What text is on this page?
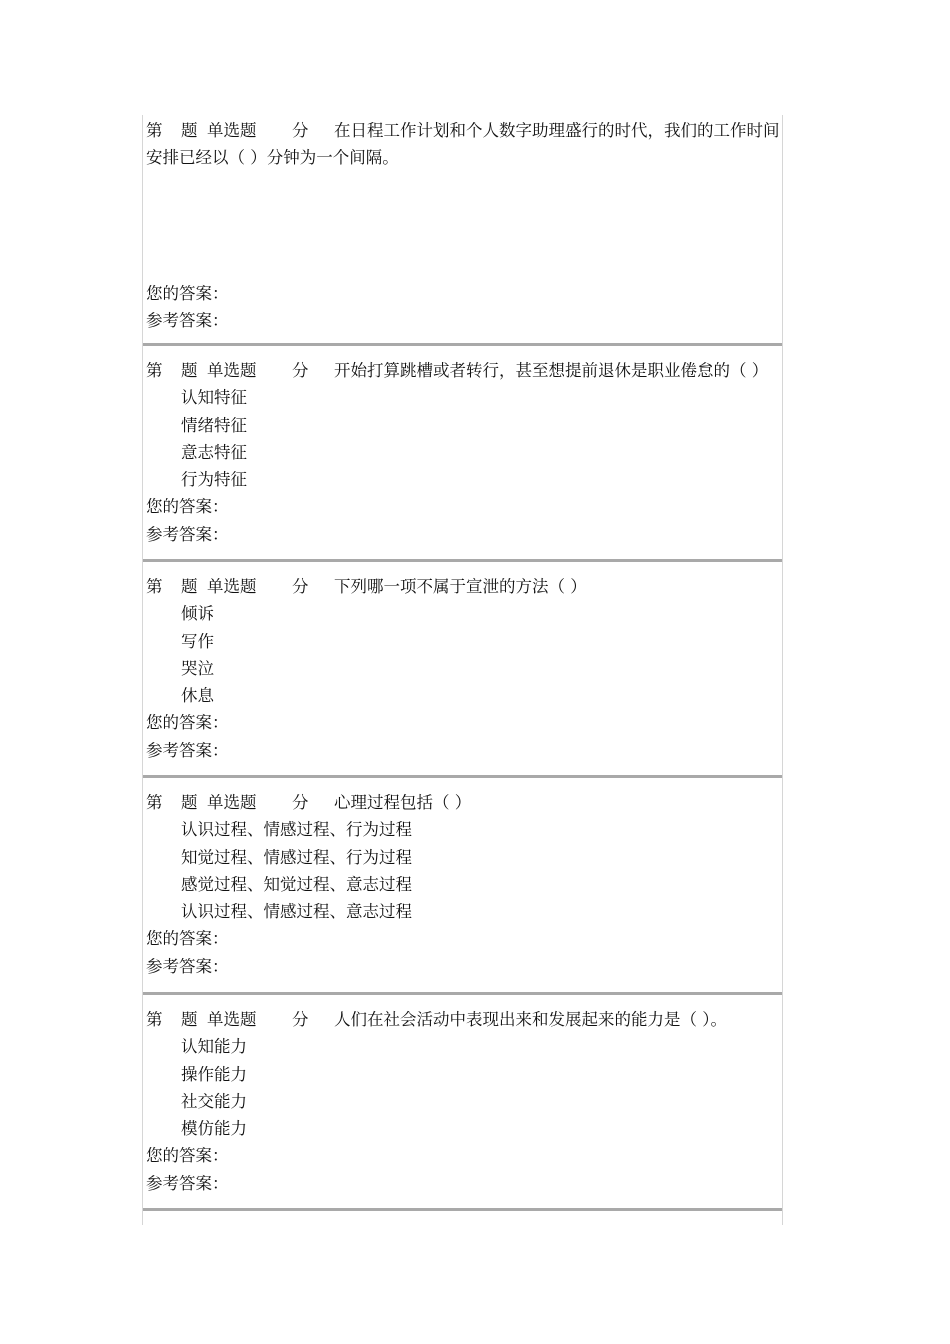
第 题 单选题 分 在日程工作计划和个人数字助理盛行的时代，我们的工作时间安排已经以（ ）分钟为一个间隔。
您的答案：
参考答案：
第 题 单选题 分 开始打算跳槽或者转行，甚至想提前退休是职业倦怠的（ ）
认知特征
情绪特征
意志特征
行为特征
您的答案：
参考答案：
第 题 单选题 分 下列哪一项不属于宣泄的方法（ ）
倾诉
写作
哭泣
休息
您的答案：
参考答案：
第 题 单选题 分 心理过程包括（ ）
认识过程、情感过程、行为过程
知觉过程、情感过程、行为过程
感觉过程、知觉过程、意志过程
认识过程、情感过程、意志过程
您的答案：
参考答案：
第 题 单选题 分 人们在社会活动中表现出来和发展起来的能力是（ ）。
认知能力
操作能力
社交能力
模仿能力
您的答案：
参考答案：
